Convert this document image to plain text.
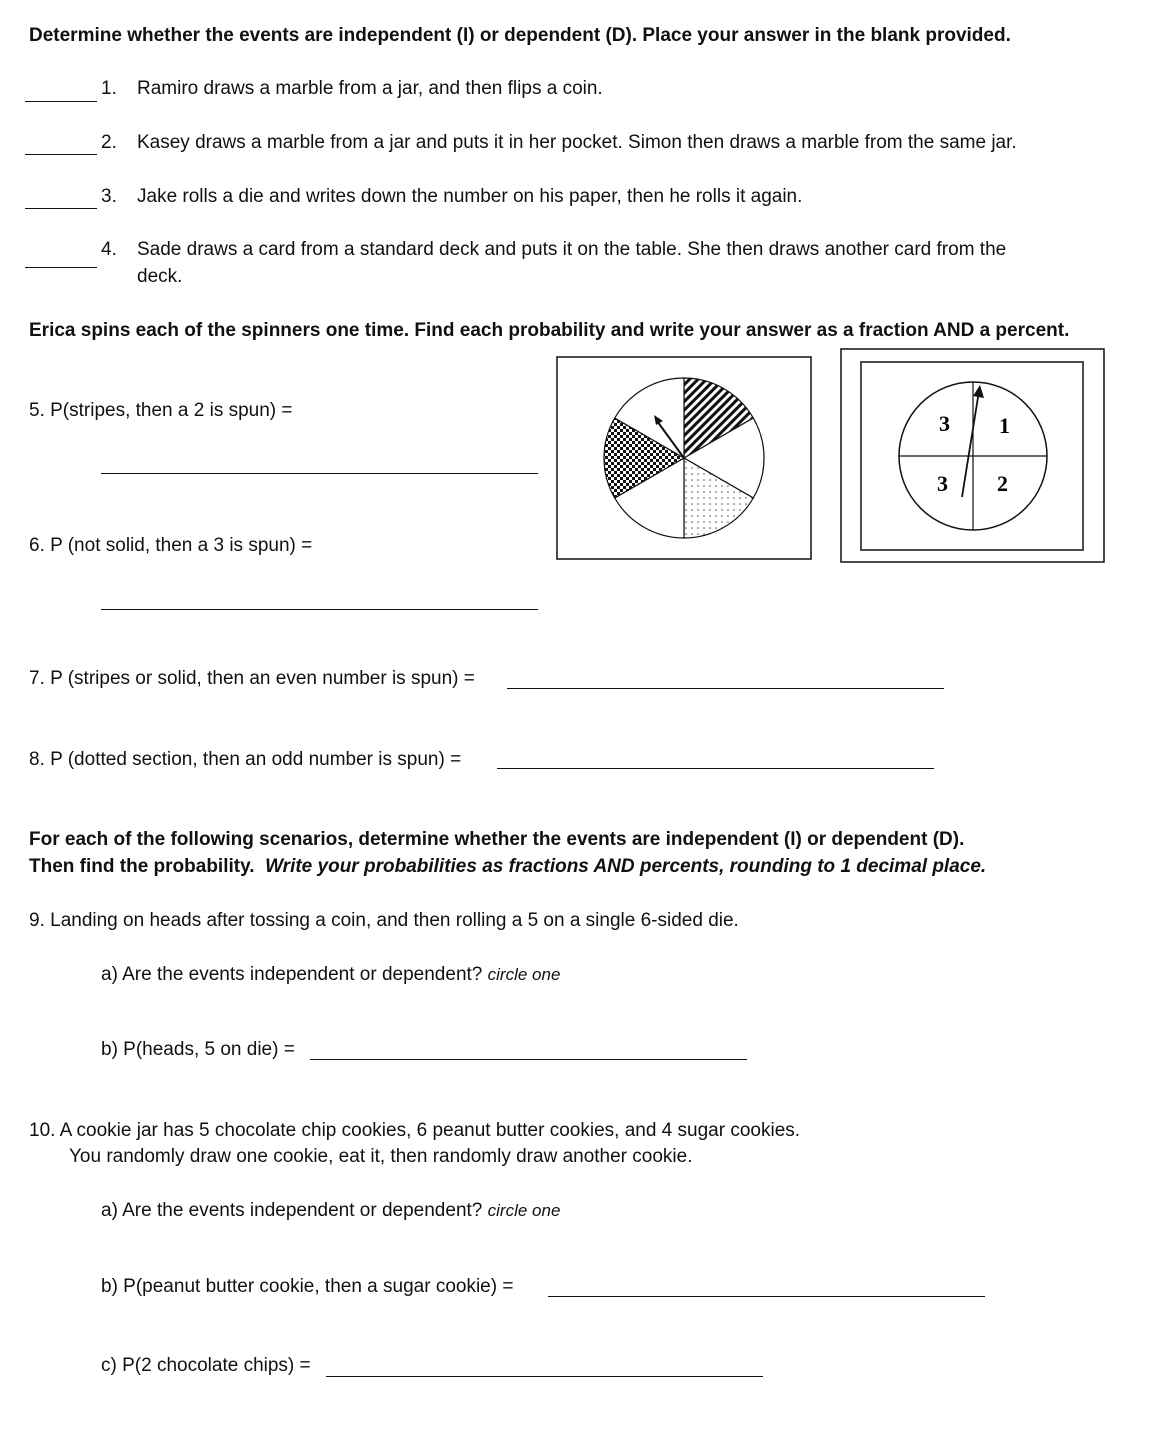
Determine whether the events are independent (I) or dependent (D). Place your answer in the blank provided.
1. Ramiro draws a marble from a jar, and then flips a coin.
2. Kasey draws a marble from a jar and puts it in her pocket. Simon then draws a marble from the same jar.
3. Jake rolls a die and writes down the number on his paper, then he rolls it again.
4. Sade draws a card from a standard deck and puts it on the table. She then draws another card from the
deck.
Erica spins each of the spinners one time. Find each probability and write your answer as a fraction AND a percent.
5. P(stripes, then a 2 is spun) =
6. P (not solid, then a 3 is spun) =
7. P (stripes or solid, then an even number is spun) =
8. P (dotted section, then an odd number is spun) =
3 1
3 2
For each of the following scenarios, determine whether the events are independent (I) or dependent (D).
Then find the probability. Write your probabilities as fractions AND percents, rounding to 1 decimal place.
9. Landing on heads after tossing a coin, and then rolling a 5 on a single 6-sided die.
a) Are the events independent or dependent? circle one
b) P(heads, 5 on die) =
10. A cookie jar has 5 chocolate chip cookies, 6 peanut butter cookies, and 4 sugar cookies.
You randomly draw one cookie, eat it, then randomly draw another cookie.
a) Are the events independent or dependent? circle one
b) P(peanut butter cookie, then a sugar cookie) =
c) P(2 chocolate chips) =
